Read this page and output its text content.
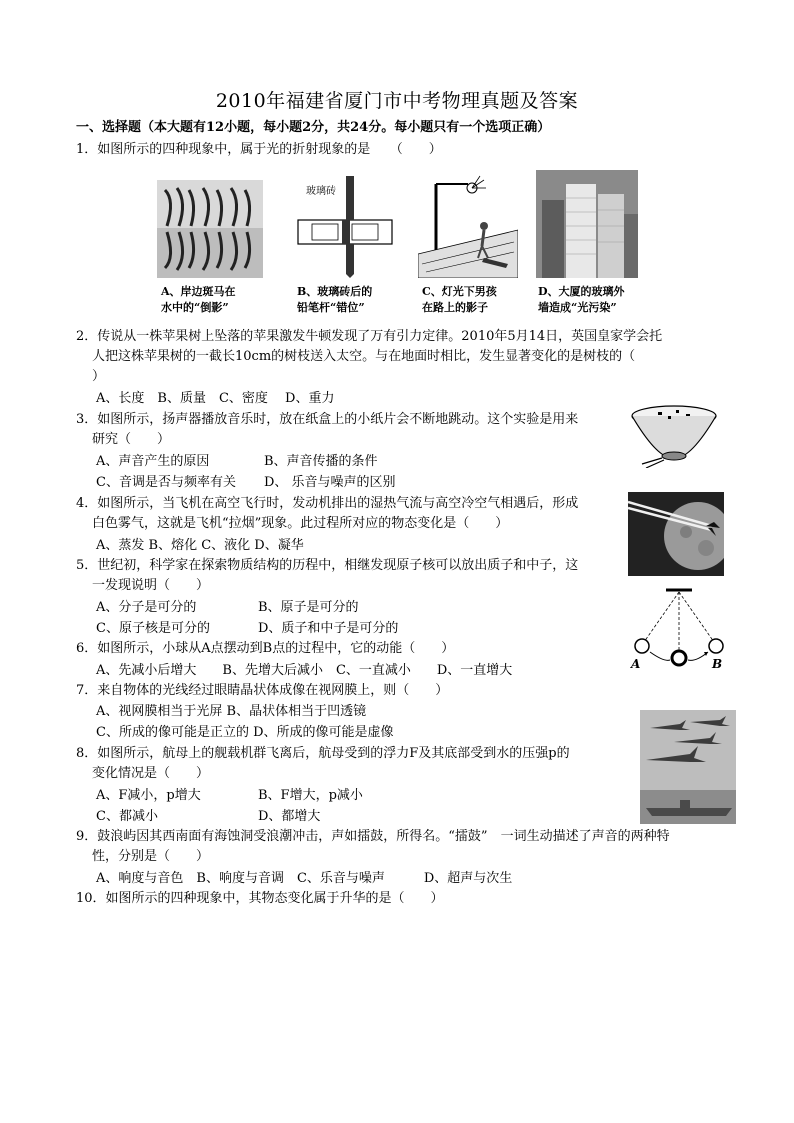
2010年福建省厦门市中考物理真题及答案
一、选择题（本大题有12小题，每小题2分，共24分。每小题只有一个选项正确）
1．如图所示的四种现象中，属于光的折射现象的是　　（　　）
A、岸边斑马在
水中的“倒影”
玻璃砖
B、玻璃砖后的
铅笔杆“错位”
C、灯光下男孩
在路上的影子
D、大厦的玻璃外
墙造成“光污染”
2．传说从一株苹果树上坠落的苹果激发牛顿发现了万有引力定律。2010年5月14日，英国皇家学会托
人把这株苹果树的一截长10cm的树枝送入太空。与在地面时相比，发生显著变化的是树枝的（
）
A、长度　B、质量　C、密度　 D、重力
3．如图所示，扬声器播放音乐时，放在纸盒上的小纸片会不断地跳动。这个实验是用来
研究（　　）
A、声音产生的原因	B、声音传播的条件
C、音调是否与频率有关 D、 乐音与噪声的区别
4．如图所示，当飞机在高空飞行时，发动机排出的湿热气流与高空冷空气相遇后，形成
白色雾气，这就是飞机“拉烟”现象。此过程所对应的物态变化是（　　）
A、蒸发 B、熔化 C、液化 D、凝华
5．世纪初，科学家在探索物质结构的历程中，相继发现原子核可以放出质子和中子，这
一发现说明（　　）
A、分子是可分的	B、原子是可分的
C、原子核是可分的	D、质子和中子是可分的
A	B
6．如图所示，小球从A点摆动到B点的过程中，它的动能（　　）
A、先减小后增大　　B、先增大后减小　C、一直减小　　D、一直增大
7．来自物体的光线经过眼睛晶状体成像在视网膜上，则（　　）
A、视网膜相当于光屏 B、晶状体相当于凹透镜
C、所成的像可能是正立的 D、所成的像可能是虚像
8．如图所示，航母上的舰载机群飞离后，航母受到的浮力F及其底部受到水的压强p的
变化情况是（　　）
A、F减小，p增大	B、F增大，p减小
C、都减小	D、都增大
9．鼓浪屿因其西南面有海蚀洞受浪潮冲击，声如擂鼓，所得名。“擂鼓”　一词生动描述了声音的两种特
性，分别是（　　）
A、响度与音色　B、响度与音调　C、乐音与噪声　　　D、超声与次生
10．如图所示的四种现象中，其物态变化属于升华的是（　　）
